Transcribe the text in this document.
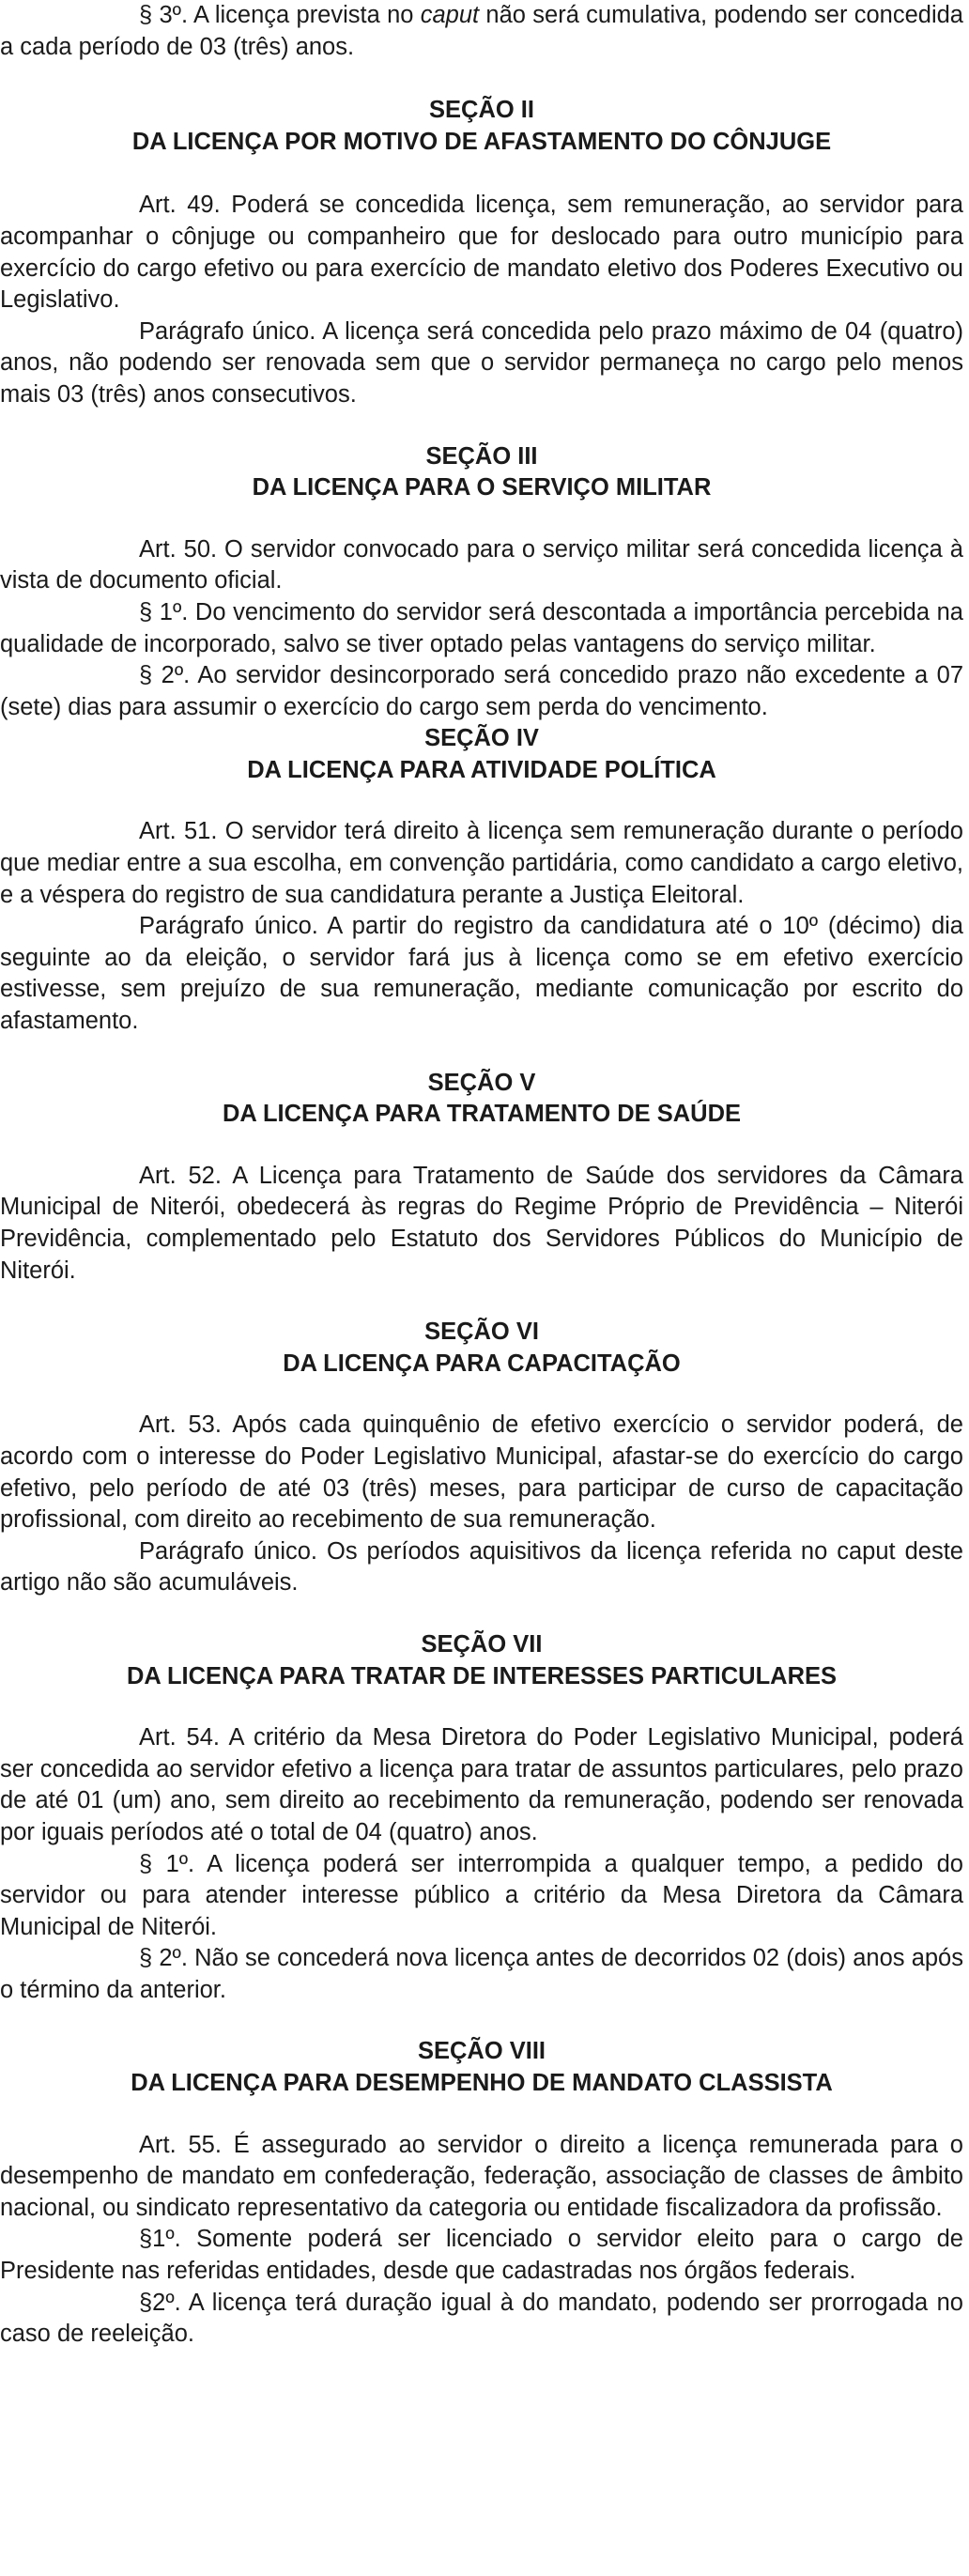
§ 3º. A licença prevista no caput não será cumulativa, podendo ser concedida a cada período de 03 (três) anos.

SEÇÃO II
DA LICENÇA POR MOTIVO DE AFASTAMENTO DO CÔNJUGE

Art. 49. Poderá se concedida licença, sem remuneração, ao servidor para acompanhar o cônjuge ou companheiro que for deslocado para outro município para exercício do cargo efetivo ou para exercício de mandato eletivo dos Poderes Executivo ou Legislativo.

Parágrafo único. A licença será concedida pelo prazo máximo de 04 (quatro) anos, não podendo ser renovada sem que o servidor permaneça no cargo pelo menos mais 03 (três) anos consecutivos.

SEÇÃO III
DA LICENÇA PARA O SERVIÇO MILITAR

Art. 50. O servidor convocado para o serviço militar será concedida licença à vista de documento oficial.

§ 1º. Do vencimento do servidor será descontada a importância percebida na qualidade de incorporado, salvo se tiver optado pelas vantagens do serviço militar.

§ 2º. Ao servidor desincorporado será concedido prazo não excedente a 07 (sete) dias para assumir o exercício do cargo sem perda do vencimento.

SEÇÃO IV
DA LICENÇA PARA ATIVIDADE POLÍTICA

Art. 51. O servidor terá direito à licença sem remuneração durante o período que mediar entre a sua escolha, em convenção partidária, como candidato a cargo eletivo, e a véspera do registro de sua candidatura perante a Justiça Eleitoral.

Parágrafo único. A partir do registro da candidatura até o 10º (décimo) dia seguinte ao da eleição, o servidor fará jus à licença como se em efetivo exercício estivesse, sem prejuízo de sua remuneração, mediante comunicação por escrito do afastamento.

SEÇÃO V
DA LICENÇA PARA TRATAMENTO DE SAÚDE

Art. 52. A Licença para Tratamento de Saúde dos servidores da Câmara Municipal de Niterói, obedecerá às regras do Regime Próprio de Previdência – Niterói Previdência, complementado pelo Estatuto dos Servidores Públicos do Município de Niterói.

SEÇÃO VI
DA LICENÇA PARA CAPACITAÇÃO

Art. 53. Após cada quinquênio de efetivo exercício o servidor poderá, de acordo com o interesse do Poder Legislativo Municipal, afastar-se do exercício do cargo efetivo, pelo período de até 03 (três) meses, para participar de curso de capacitação profissional, com direito ao recebimento de sua remuneração.

Parágrafo único. Os períodos aquisitivos da licença referida no caput deste artigo não são acumuláveis.

SEÇÃO VII
DA LICENÇA PARA TRATAR DE INTERESSES PARTICULARES

Art. 54. A critério da Mesa Diretora do Poder Legislativo Municipal, poderá ser concedida ao servidor efetivo a licença para tratar de assuntos particulares, pelo prazo de até 01 (um) ano, sem direito ao recebimento da remuneração, podendo ser renovada por iguais períodos até o total de 04 (quatro) anos.

§ 1º. A licença poderá ser interrompida a qualquer tempo, a pedido do servidor ou para atender interesse público a critério da Mesa Diretora da Câmara Municipal de Niterói.

§ 2º. Não se concederá nova licença antes de decorridos 02 (dois) anos após o término da anterior.

SEÇÃO VIII
DA LICENÇA PARA DESEMPENHO DE MANDATO CLASSISTA

Art. 55. É assegurado ao servidor o direito a licença remunerada para o desempenho de mandato em confederação, federação, associação de classes de âmbito nacional, ou sindicato representativo da categoria ou entidade fiscalizadora da profissão.

§1º. Somente poderá ser licenciado o servidor eleito para o cargo de Presidente nas referidas entidades, desde que cadastradas nos órgãos federais.

§2º. A licença terá duração igual à do mandato, podendo ser prorrogada no caso de reeleição.
